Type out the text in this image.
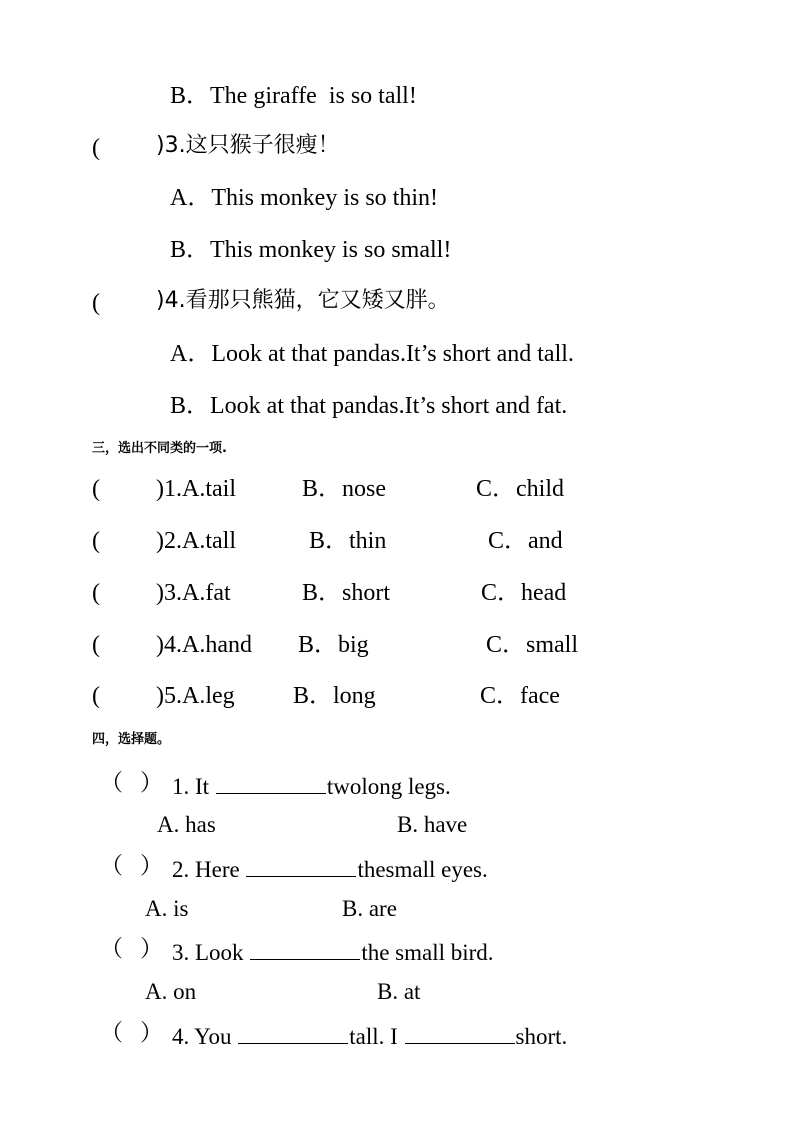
B．The giraffe  is so tall!
(	)3.这只猴子很瘦！
A．This monkey is so thin!
B．This monkey is so small!
(	)4.看那只熊猫，它又矮又胖。
A．Look at that pandas.It’s short and tall.
B．Look at that pandas.It’s short and fat.
三，选出不同类的一项.
( )1.A.tail	B．nose	C．child
( )2.A.tall	B．thin	C．and
( )3.A.fat	B．short	C．head
( )4.A.hand B．big	C．small
( )5.A.leg B．long	C．face
四，选择题。
（ ） 1. It	twolong legs.
A. has	B. have
（ ） 2. Here	thesmall eyes.
A. is	B. are
（ ） 3. Look	the small bird.
A. on	B. at
（ ） 4. You	tall. I	short.
